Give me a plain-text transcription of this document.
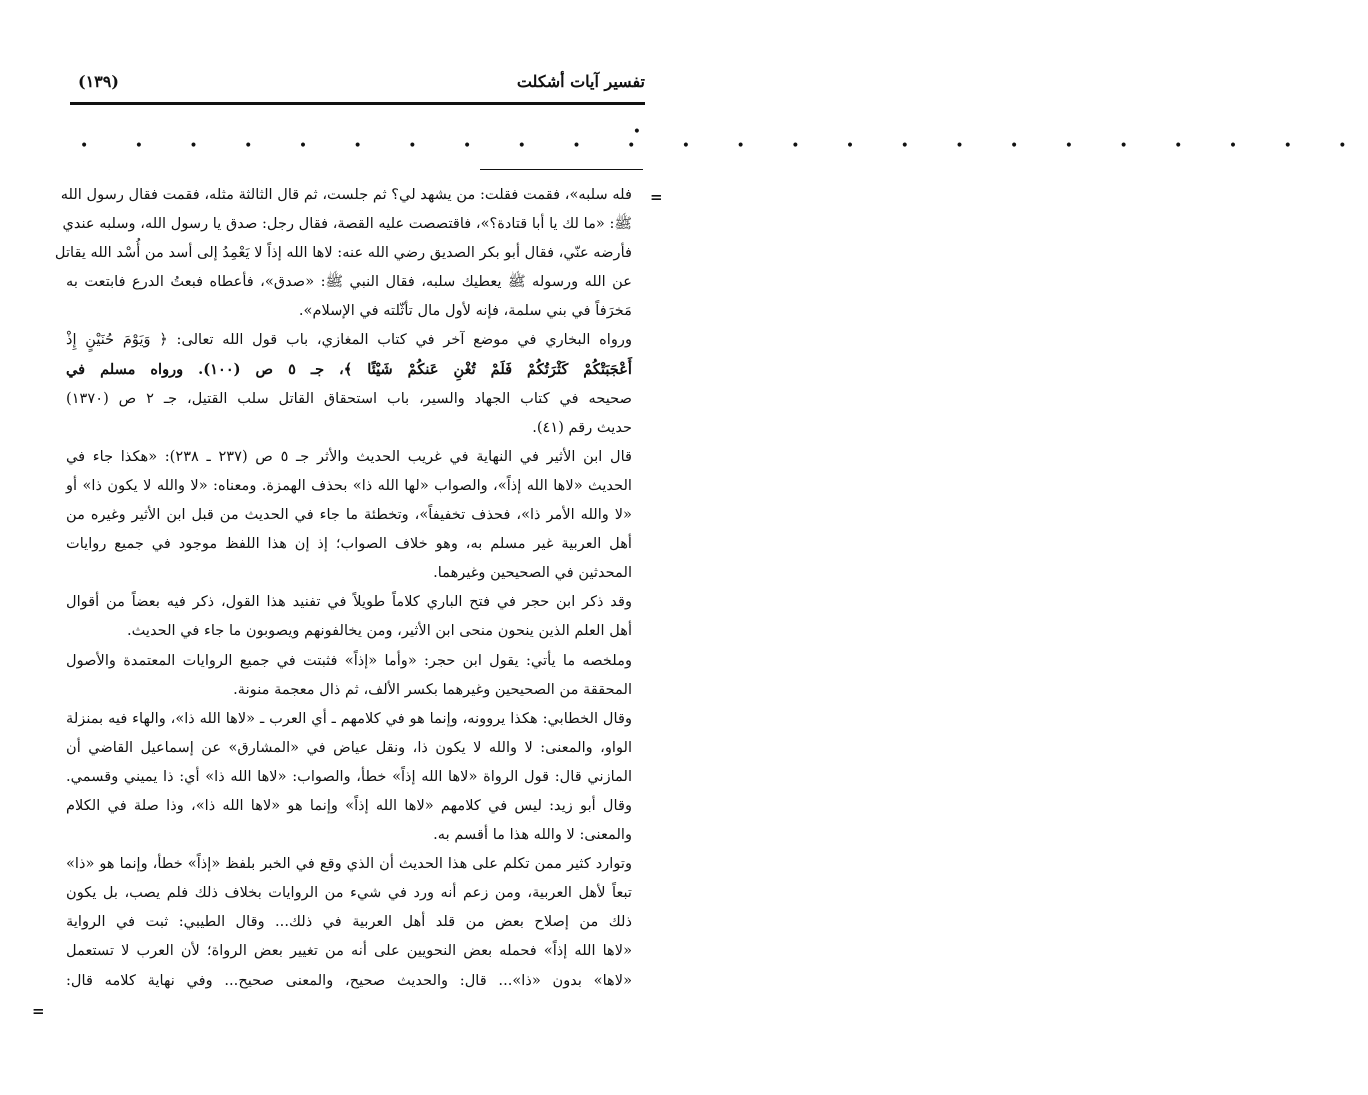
تفسير آيات أشكلت
(١٣٩)
•
• • • • • • • • • • • • • • • • • • • • • • • •
=
=
فله سلبه»، فقمت فقلت: من يشهد لي؟ ثم جلست، ثم قال الثالثة مثله، فقمت فقال رسول الله
ﷺ: «ما لك يا أبا قتادة؟»، فاقتصصت عليه القصة، فقال رجل: صدق يا رسول الله، وسلبه عندي
فأرضه عنّي، فقال أبو بكر الصديق رضي الله عنه: لاها الله إذاً لا يَعْمِدُ إلى أسد من أُسْد الله يقاتل
عن الله ورسوله ﷺ يعطيك سلبه، فقال النبي ﷺ: «صدق»، فأعطاه فبعتُ الدرع فابتعت به
مَخرَفاً في بني سلمة، فإنه لأول مال تأثّلته في الإسلام».
ورواه البخاري في موضع آخر في كتاب المغازي، باب قول الله تعالى: ﴿ وَيَوْمَ حُنَيْنٍ إِذْ
أَعْجَبَتْكُمْ كَثْرَتُكُمْ فَلَمْ تُغْنِ عَنكُمْ شَيْئًا ﴾، جـ ٥ ص (١٠٠). ورواه مسلم في
صحيحه في كتاب الجهاد والسير، باب استحقاق القاتل سلب القتيل، جـ ٢ ص (١٣٧٠)
حديث رقم (٤١).
قال ابن الأثير في النهاية في غريب الحديث والأثر جـ ٥ ص (٢٣٧ ـ ٢٣٨): «هكذا جاء في
الحديث «لاها الله إذاً»، والصواب «لها الله ذا» بحذف الهمزة. ومعناه: «لا والله لا يكون ذا» أو
«لا والله الأمر ذا»، فحذف تخفيفاً»، وتخطئة ما جاء في الحديث من قبل ابن الأثير وغيره من
أهل العربية غير مسلم به، وهو خلاف الصواب؛ إذ إن هذا اللفظ موجود في جميع روايات
المحدثين في الصحيحين وغيرهما.
وقد ذكر ابن حجر في فتح الباري كلاماً طويلاً في تفنيد هذا القول، ذكر فيه بعضاً من أقوال
أهل العلم الذين ينحون منحى ابن الأثير، ومن يخالفونهم ويصوبون ما جاء في الحديث.
وملخصه ما يأتي: يقول ابن حجر: «وأما «إذاً» فثبتت في جميع الروايات المعتمدة والأصول
المحققة من الصحيحين وغيرهما بكسر الألف، ثم ذال معجمة منونة.
وقال الخطابي: هكذا يروونه، وإنما هو في كلامهم ـ أي العرب ـ «لاها الله ذا»، والهاء فيه بمنزلة
الواو، والمعنى: لا والله لا يكون ذا، ونقل عياض في «المشارق» عن إسماعيل القاضي أن
المازني قال: قول الرواة «لاها الله إذاً» خطأ، والصواب: «لاها الله ذا» أي: ذا يميني وقسمي.
وقال أبو زيد: ليس في كلامهم «لاها الله إذاً» وإنما هو «لاها الله ذا»، وذا صلة في الكلام
والمعنى: لا والله هذا ما أقسم به.
وتوارد كثير ممن تكلم على هذا الحديث أن الذي وقع في الخبر بلفظ «إذاً» خطأ، وإنما هو «ذا»
تبعاً لأهل العربية، ومن زعم أنه ورد في شيء من الروايات بخلاف ذلك فلم يصب، بل يكون
ذلك من إصلاح بعض من قلد أهل العربية في ذلك... وقال الطيبي: ثبت في الرواية
«لاها الله إذاً» فحمله بعض النحويين على أنه من تغيير بعض الرواة؛ لأن العرب لا تستعمل
«لاها» بدون «ذا»... قال: والحديث صحيح، والمعنى صحيح... وفي نهاية كلامه قال:
